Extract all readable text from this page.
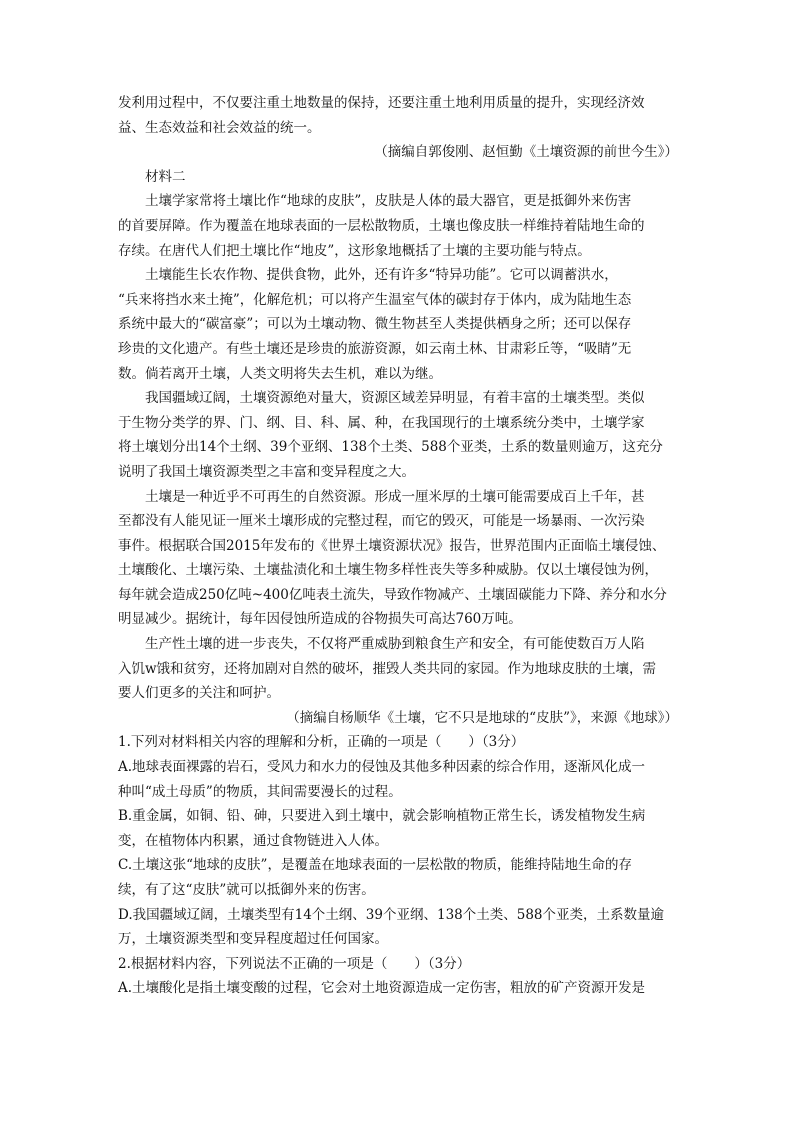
发利用过程中，不仅要注重土地数量的保持，还要注重土地利用质量的提升，实现经济效
益、生态效益和社会效益的统一。
（摘编自郭俊刚、赵恒勤《土壤资源的前世今生》）
材料二
土壤学家常将土壤比作“地球的皮肤”，皮肤是人体的最大器官，更是抵御外来伤害
的首要屏障。作为覆盖在地球表面的一层松散物质，土壤也像皮肤一样维持着陆地生命的
存续。在唐代人们把土壤比作“地皮”，这形象地概括了土壤的主要功能与特点。
土壤能生长农作物、提供食物，此外，还有许多“特异功能”。它可以调蓄洪水，
“兵来将挡水来土掩”，化解危机；可以将产生温室气体的碳封存于体内，成为陆地生态
系统中最大的“碳富豪”；可以为土壤动物、微生物甚至人类提供栖身之所；还可以保存
珍贵的文化遗产。有些土壤还是珍贵的旅游资源，如云南土林、甘肃彩丘等，“吸睛”无
数。倘若离开土壤，人类文明将失去生机，难以为继。
我国疆域辽阔，土壤资源绝对量大，资源区域差异明显，有着丰富的土壤类型。类似
于生物分类学的界、门、纲、目、科、属、种，在我国现行的土壤系统分类中，土壤学家
将土壤划分出14个土纲、39个亚纲、138个土类、588个亚类，土系的数量则逾万，这充分
说明了我国土壤资源类型之丰富和变异程度之大。
土壤是一种近乎不可再生的自然资源。形成一厘米厚的土壤可能需要成百上千年，甚
至都没有人能见证一厘米土壤形成的完整过程，而它的毁灭，可能是一场暴雨、一次污染
事件。根据联合国2015年发布的《世界土壤资源状况》报告，世界范围内正面临土壤侵蚀、
土壤酸化、土壤污染、土壤盐渍化和土壤生物多样性丧失等多种威胁。仅以土壤侵蚀为例，
每年就会造成250亿吨~400亿吨表土流失，导致作物减产、土壤固碳能力下降、养分和水分
明显减少。据统计，每年因侵蚀所造成的谷物损失可高达760万吨。
生产性土壤的进一步丧失，不仅将严重威胁到粮食生产和安全，有可能使数百万人陷
入饥w饿和贫穷，还将加剧对自然的破坏，摧毁人类共同的家园。作为地球皮肤的土壤，需
要人们更多的关注和呵护。
（摘编自杨顺华《土壤，它不只是地球的“皮肤”》，来源《地球》）
1.下列对材料相关内容的理解和分析，正确的一项是（　　）（3分）
A.地球表面裸露的岩石，受风力和水力的侵蚀及其他多种因素的综合作用，逐渐风化成一
种叫“成土母质”的物质，其间需要漫长的过程。
B.重金属，如铜、铅、砷，只要进入到土壤中，就会影响植物正常生长，诱发植物发生病
变，在植物体内积累，通过食物链进入人体。
C.土壤这张“地球的皮肤”，是覆盖在地球表面的一层松散的物质，能维持陆地生命的存
续，有了这“皮肤”就可以抵御外来的伤害。
D.我国疆域辽阔，土壤类型有14个土纲、39个亚纲、138个土类、588个亚类，土系数量逾
万，土壤资源类型和变异程度超过任何国家。
2.根据材料内容，下列说法不正确的一项是（　　）（3分）
A.土壤酸化是指土壤变酸的过程，它会对土地资源造成一定伤害，粗放的矿产资源开发是
